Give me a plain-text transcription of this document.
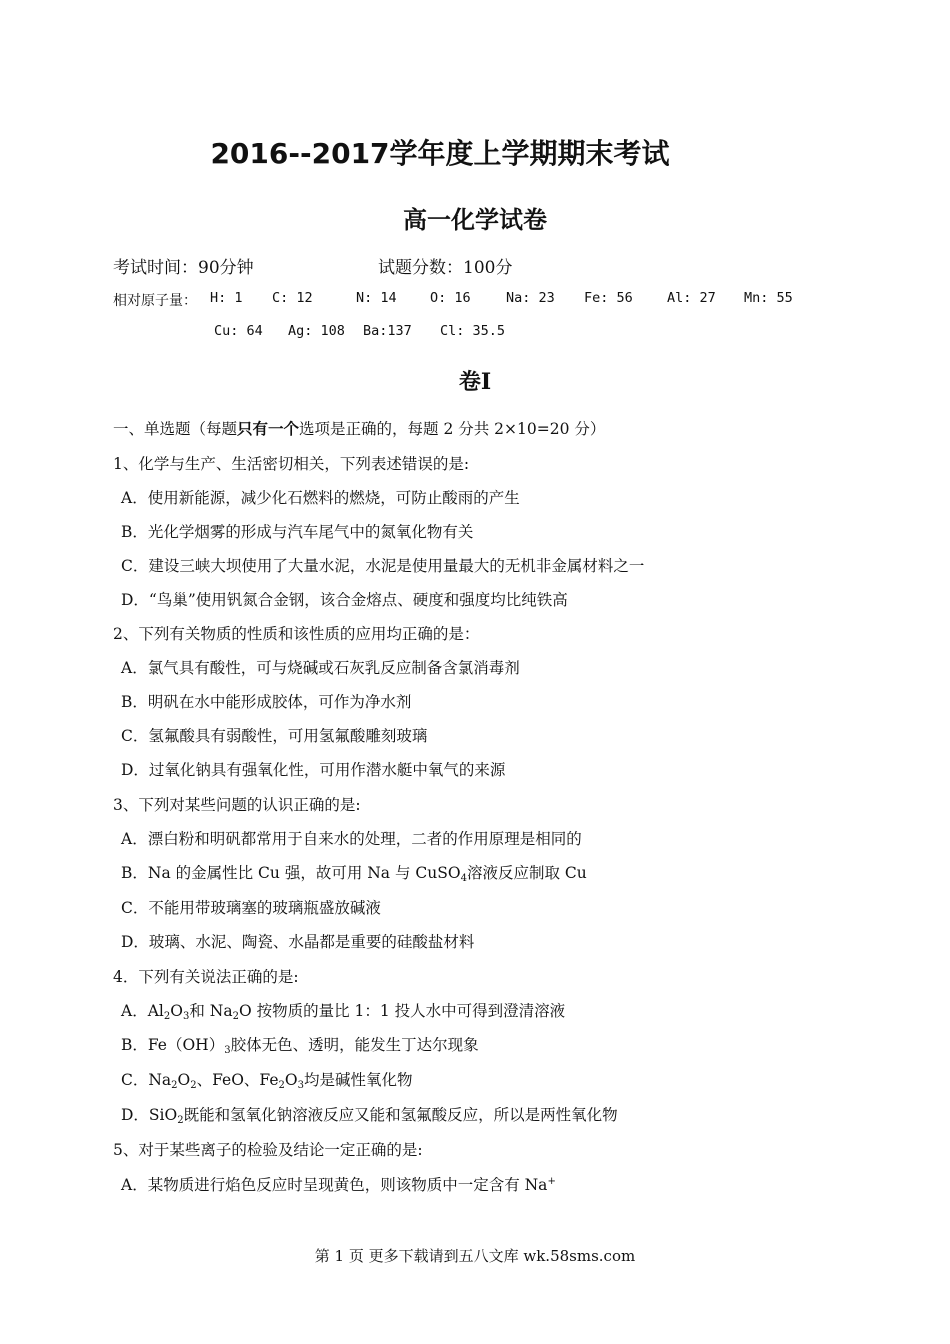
2016--2017学年度上学期期末考试
高一化学试卷
考试时间：90分钟	试题分数：100分
相对原子量： H: 1 C: 12	N: 14 O: 16	Na: 23 Fe: 56	Al: 27 Mn: 55
Cu: 64 Ag: 108 Ba:137 Cl: 35.5
卷I
一、单选题（每题只有一个选项是正确的，每题 2 分共 2×10=20 分）
1、化学与生产、生活密切相关，下列表述错误的是:
A．使用新能源，减少化石燃料的燃烧，可防止酸雨的产生
B．光化学烟雾的形成与汽车尾气中的氮氧化物有关
C．建设三峡大坝使用了大量水泥，水泥是使用量最大的无机非金属材料之一
D．“鸟巢”使用钒氮合金钢，该合金熔点、硬度和强度均比纯铁高
2、下列有关物质的性质和该性质的应用均正确的是：
A．氯气具有酸性，可与烧碱或石灰乳反应制备含氯消毒剂
B．明矾在水中能形成胶体，可作为净水剂
C．氢氟酸具有弱酸性，可用氢氟酸雕刻玻璃
D．过氧化钠具有强氧化性，可用作潜水艇中氧气的来源
3、下列对某些问题的认识正确的是:
A．漂白粉和明矾都常用于自来水的处理，二者的作用原理是相同的
B．Na 的金属性比 Cu 强，故可用 Na 与 CuSO$_4$溶液反应制取 Cu
C．不能用带玻璃塞的玻璃瓶盛放碱液
D．玻璃、水泥、陶瓷、水晶都是重要的硅酸盐材料
4．下列有关说法正确的是:
A．$Al_2O_3$和 $Na_2O$ 按物质的量比 1：1 投人水中可得到澄清溶液
B．$Fe(OH)_3$胶体无色、透明，能发生丁达尔现象
C．$Na_2O_2$、FeO、$Fe_2O_3$均是碱性氧化物
D．SiO$_2$既能和氢氧化钠溶液反应又能和氢氟酸反应，所以是两性氧化物
5、对于某些离子的检验及结论一定正确的是:
A．某物质进行焰色反应时呈现黄色，则该物质中一定含有 Na+
第 1 页 更多下载请到五八文库 wk.58sms.com
